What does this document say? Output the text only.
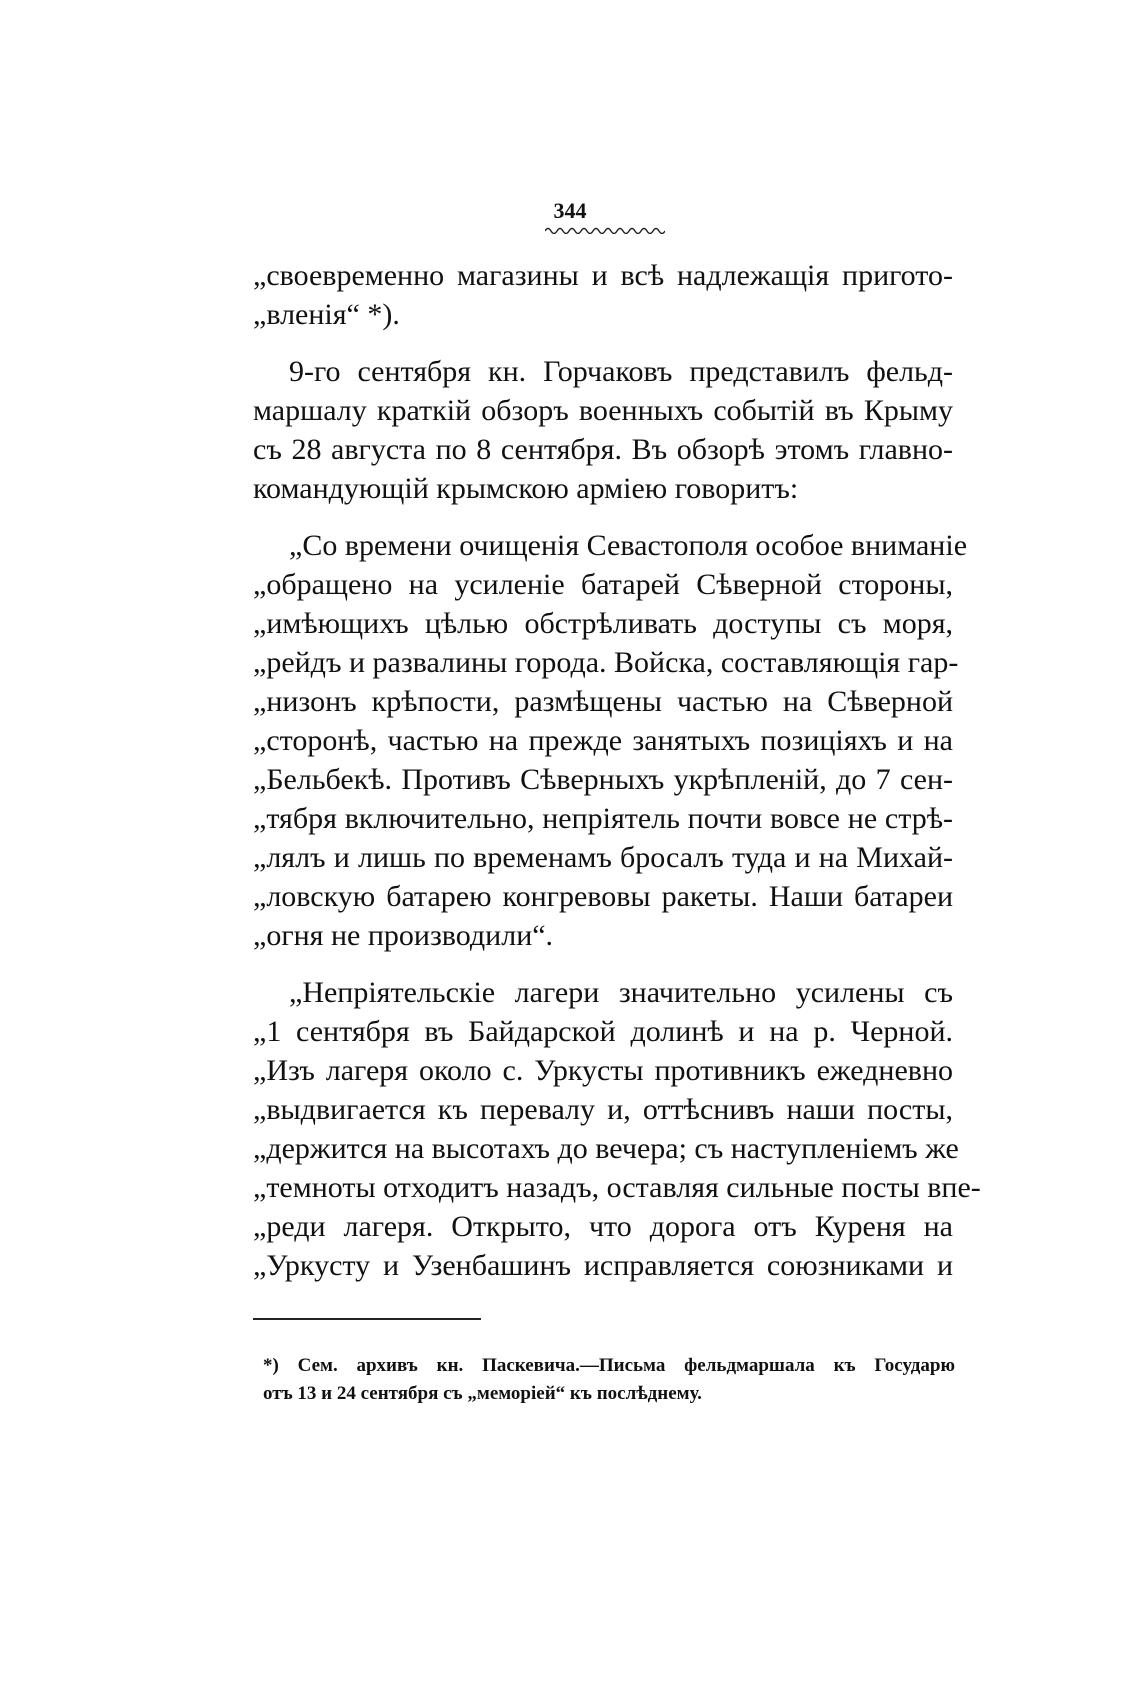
344
„своевременно магазины и всѣ надлежащія пригото-
„вленія“ *).
9-го сентября кн. Горчаковъ представилъ фельд-
маршалу краткій обзоръ военныхъ событій въ Крыму
съ 28 августа по 8 сентября. Въ обзорѣ этомъ главно-
командующій крымскою арміею говоритъ:
„Со времени очищенія Севастополя особое вниманіе
„обращено на усиленіе батарей Сѣверной стороны,
„имѣющихъ цѣлью обстрѣливать доступы съ моря,
„рейдъ и развалины города. Войска, составляющія гар-
„низонъ крѣпости, размѣщены частью на Сѣверной
„сторонѣ, частью на прежде занятыхъ позиціяхъ и на
„Бельбекѣ. Противъ Сѣверныхъ укрѣпленій, до 7 сен-
„тября включительно, непріятель почти вовсе не стрѣ-
„лялъ и лишь по временамъ бросалъ туда и на Михай-
„ловскую батарею конгревовы ракеты. Наши батареи
„огня не производили“.
„Непріятельскіе лагери значительно усилены съ
„1 сентября въ Байдарской долинѣ и на р. Черной.
„Изъ лагеря около с. Уркусты противникъ ежедневно
„выдвигается къ перевалу и, оттѣснивъ наши посты,
„держится на высотахъ до вечера; съ наступленіемъ же
„темноты отходитъ назадъ, оставляя сильные посты впе-
„реди лагеря. Открыто, что дорога отъ Куреня на
„Уркусту и Узенбашинъ исправляется союзниками и
*) Сем. архивъ кн. Паскевича.—Письма фельдмаршала къ Государю
отъ 13 и 24 сентября съ „меморіей“ къ послѣднему.
